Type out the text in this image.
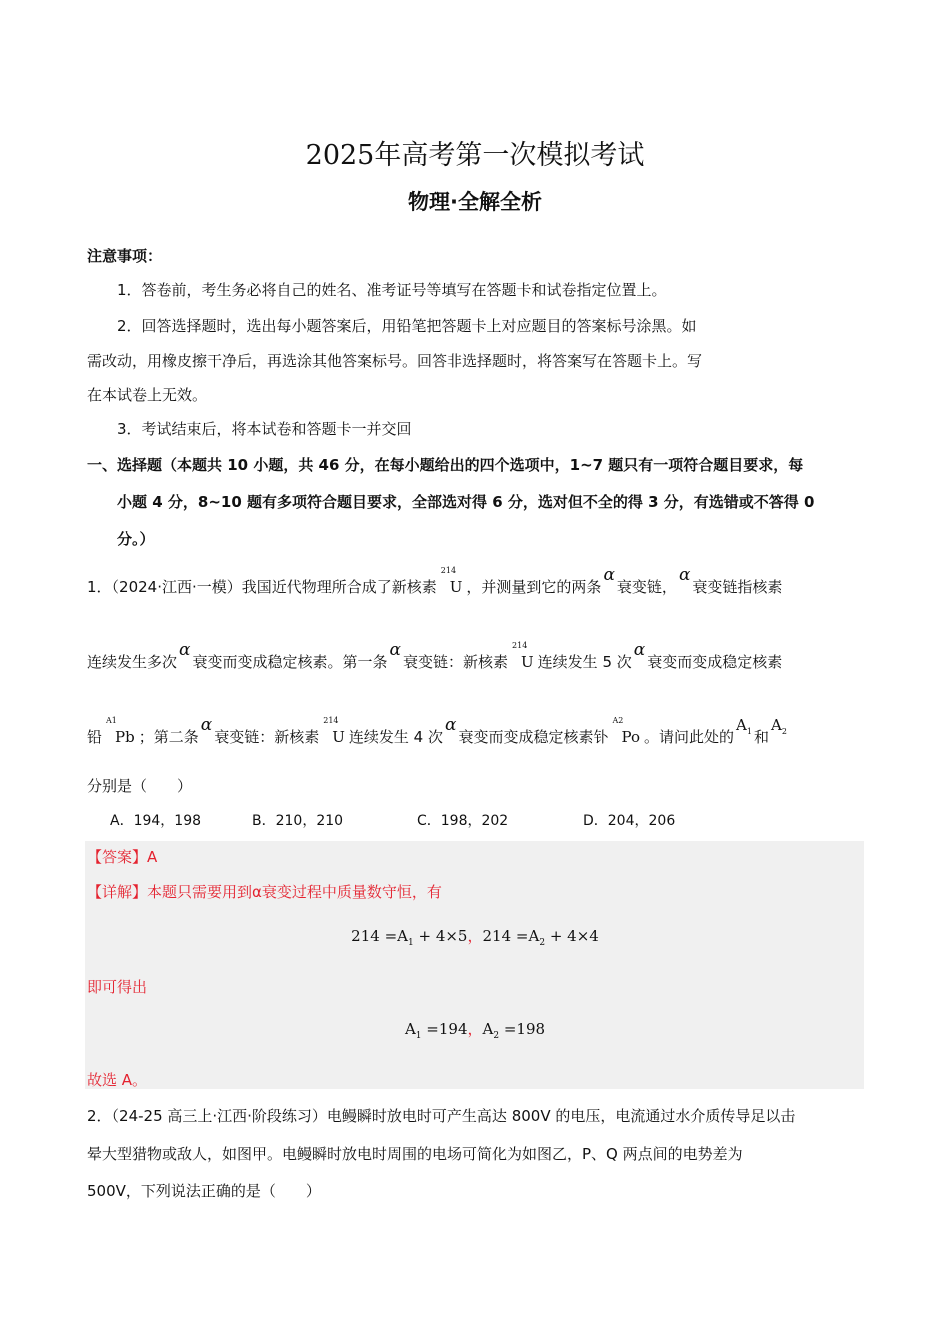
2025年高考第一次模拟考试
物理·全解全析
注意事项：
1．答卷前，考生务必将自己的姓名、准考证号等填写在答题卡和试卷指定位置上。
2．回答选择题时，选出每小题答案后，用铅笔把答题卡上对应题目的答案标号涂黑。如
需改动，用橡皮擦干净后，再选涂其他答案标号。回答非选择题时，将答案写在答题卡上。写
在本试卷上无效。
3．考试结束后，将本试卷和答题卡一并交回
一、选择题（本题共 10 小题，共 46 分，在每小题给出的四个选项中，1~7 题只有一项符合题目要求，每
小题 4 分，8~10 题有多项符合题目要求，全部选对得 6 分，选对但不全的得 3 分，有选错或不答得 0
分。）
1．（2024·江西·一模）我国近代物理所合成了新核素
214
U ，并测量到它的两条α衰变链，α衰变链指核素
连续发生多次α衰变而变成稳定核素。第一条α衰变链：新核素
214
U 连续发生 5 次α衰变而变成稳定核素
铅
A1
Pb ；第二条α衰变链：新核素
214
U 连续发生 4 次α衰变而变成稳定核素钋
A2
Po 。请问此处的$A_1$ 和$A_2$
分别是（　　）
A．194，198	B．210，210	C．198，202	D．204，206
【答案】A
【详解】本题只需要用到α衰变过程中质量数守恒，有
$214 =A_1 + 4\times 5$，$214 =A_2 + 4\times 4$
即可得出
$A_1 =194$，$A_2 =198$
故选 A。
2．（24-25 高三上·江西·阶段练习）电鳗瞬时放电时可产生高达 800V 的电压，电流通过水介质传导足以击
晕大型猎物或敌人，如图甲。电鳗瞬时放电时周围的电场可简化为如图乙，P、Q 两点间的电势差为
500V，下列说法正确的是（　　）
